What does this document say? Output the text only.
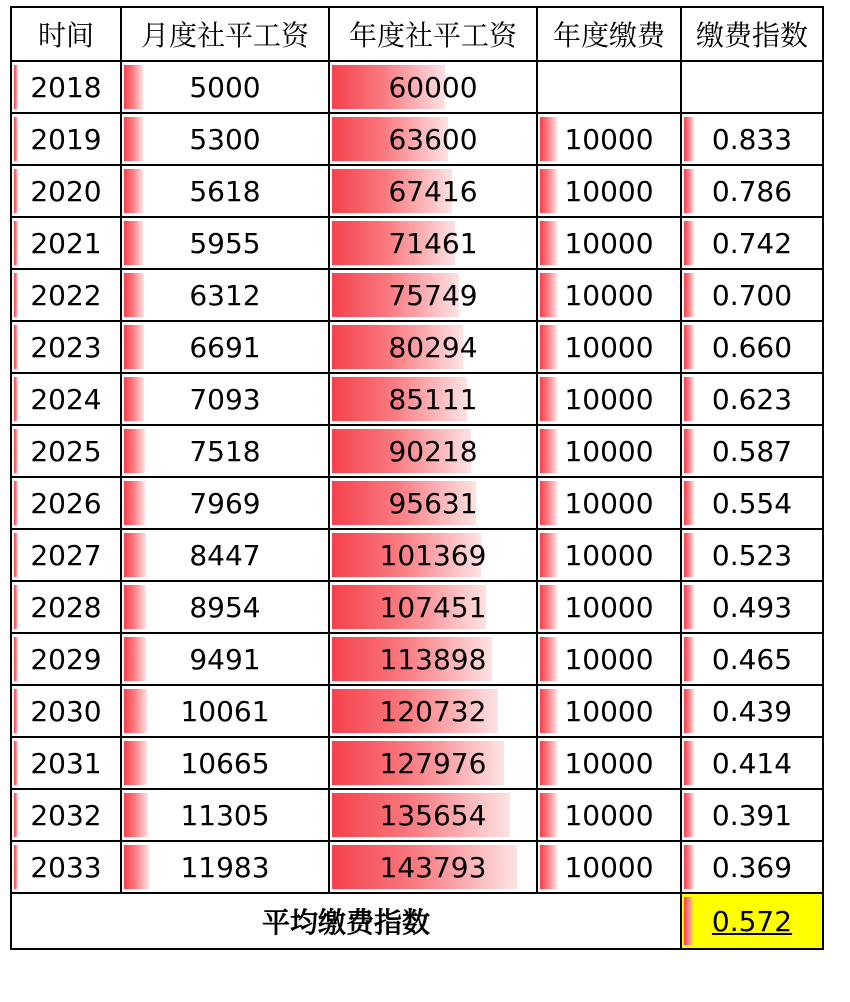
时间	月度社平工资	年度社平工资	年度缴费	缴费指数

2018	5000	60000		

2019	5300	63600	10000	0.833

2020	5618	67416	10000	0.786

2021	5955	71461	10000	0.742

2022	6312	75749	10000	0.700

2023	6691	80294	10000	0.660

2024	7093	85111	10000	0.623

2025	7518	90218	10000	0.587

2026	7969	95631	10000	0.554

2027	8447	101369	10000	0.523

2028	8954	107451	10000	0.493

2029	9491	113898	10000	0.465

2030	10061	120732	10000	0.439

2031	10665	127976	10000	0.414

2032	11305	135654	10000	0.391

2033	11983	143793	10000	0.369
平均缴费指数				0.572
